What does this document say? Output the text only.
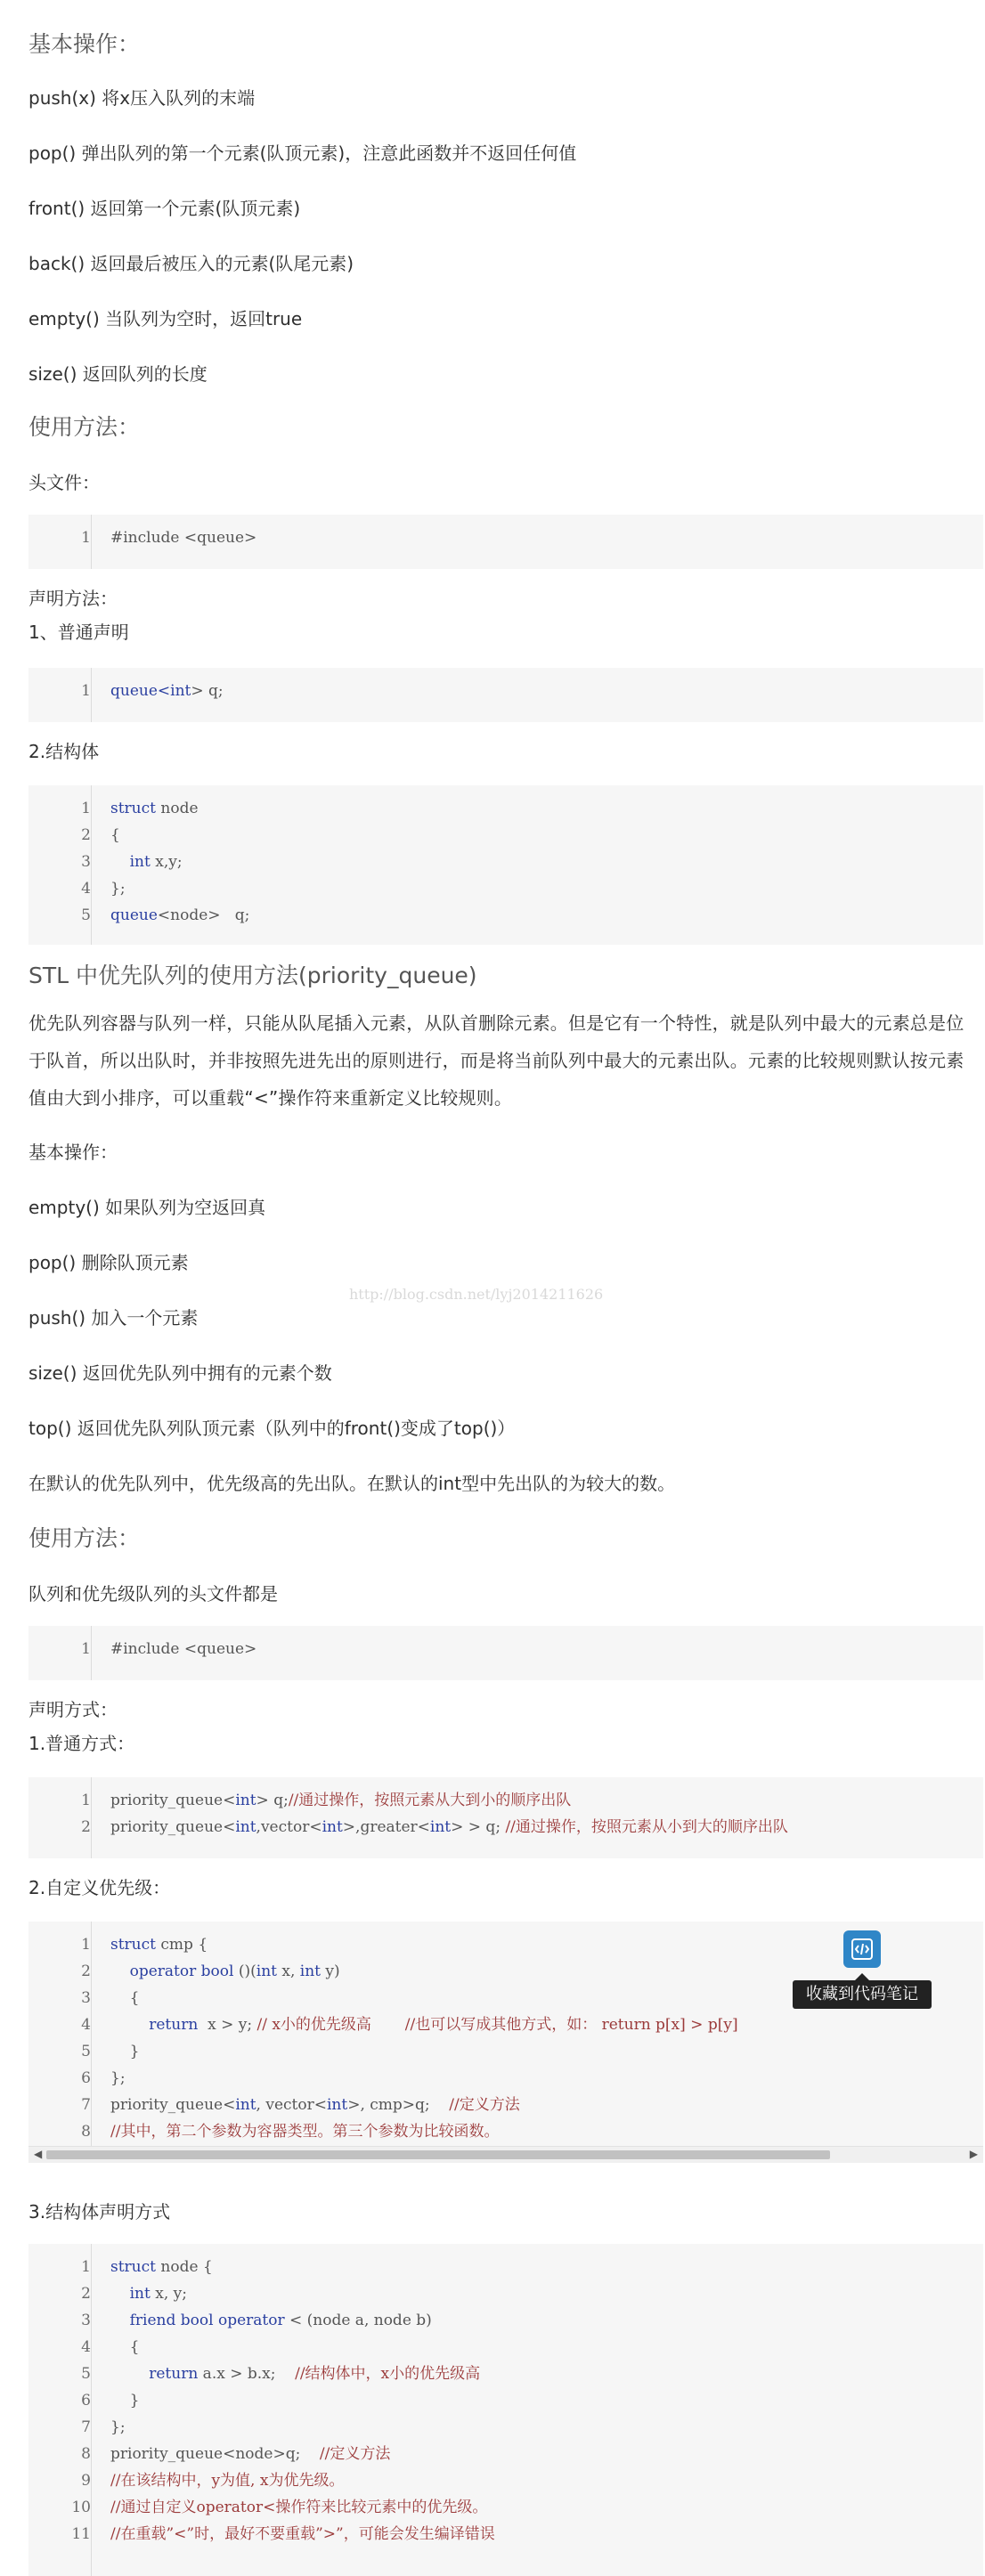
基本操作：
push(x) 将x压入队列的末端
pop() 弹出队列的第一个元素(队顶元素)，注意此函数并不返回任何值
front() 返回第一个元素(队顶元素)
back() 返回最后被压入的元素(队尾元素)
empty() 当队列为空时，返回true
size() 返回队列的长度
使用方法：
头文件：
1 #include <queue>
声明方法：
1、普通声明
1 queue<int> q;
2.结构体
1 struct node
2 {
3 int x,y;
4 };
5 queue<node>   q;
STL 中优先队列的使用方法(priority_queue)
优先队列容器与队列一样，只能从队尾插入元素，从队首删除元素。但是它有一个特性，就是队列中最大的元素总是位于队首，所以出队时，并非按照先进先出的原则进行，而是将当前队列中最大的元素出队。元素的比较规则默认按元素值由大到小排序，可以重载“<”操作符来重新定义比较规则。
基本操作：
empty() 如果队列为空返回真
pop() 删除队顶元素
push() 加入一个元素
size() 返回优先队列中拥有的元素个数
top() 返回优先队列队顶元素（队列中的front()变成了top()）
在默认的优先队列中，优先级高的先出队。在默认的int型中先出队的为较大的数。
http://blog.csdn.net/lyj2014211626
使用方法：
队列和优先级队列的头文件都是
1 #include <queue>
声明方式：
1.普通方式：
1 priority_queue<int> q;//通过操作，按照元素从大到小的顺序出队
2 priority_queue<int,vector<int>,greater<int> > q; //通过操作，按照元素从小到大的顺序出队
2.自定义优先级：
1 struct cmp {
2 operator bool ()(int x, int y)
3 {
4 return  x > y; // x小的优先级高       //也可以写成其他方式，如： return p[x] > p[y]
5 }
6 };
7 priority_queue<int, vector<int>, cmp>q;    //定义方法
8 //其中，第二个参数为容器类型。第三个参数为比较函数。
◀	▶
收藏到代码笔记
3.结构体声明方式
1 struct node {
2 int x, y;
3 friend bool operator < (node a, node b)
4 {
5 return a.x > b.x;    //结构体中，x小的优先级高
6 }
7 };
8 priority_queue<node>q;    //定义方法
9 //在该结构中，y为值, x为优先级。
10 //通过自定义operator<操作符来比较元素中的优先级。
11 //在重载”<”时，最好不要重载”>”，可能会发生编译错误
